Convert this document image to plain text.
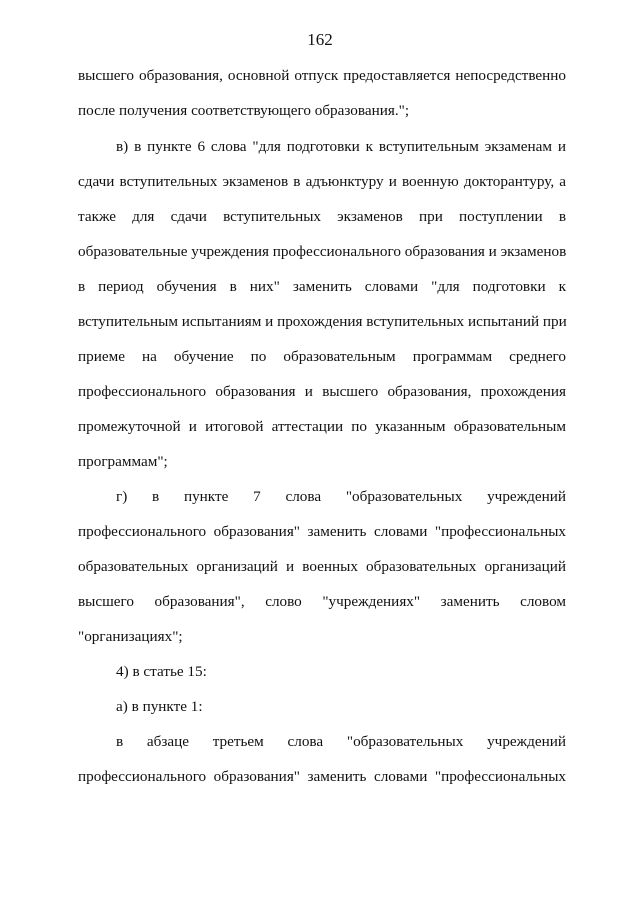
162
высшего образования, основной отпуск предоставляется непосредственно
после получения соответствующего образования.";
в) в пункте 6 слова "для подготовки к вступительным экзаменам и
сдачи вступительных экзаменов в адъюнктуру и военную докторантуру, а
также для сдачи вступительных экзаменов при поступлении в
образовательные учреждения профессионального образования и экзаменов
в период обучения в них" заменить словами "для подготовки к
вступительным испытаниям и прохождения вступительных испытаний при
приеме на обучение по образовательным программам среднего
профессионального образования и высшего образования, прохождения
промежуточной и итоговой аттестации по указанным образовательным
программам";
г) в пункте 7 слова "образовательных учреждений
профессионального образования" заменить словами "профессиональных
образовательных организаций и военных образовательных организаций
высшего образования", слово "учреждениях" заменить словом
"организациях";
4) в статье 15:
а) в пункте 1:
в абзаце третьем слова "образовательных учреждений
профессионального образования" заменить словами "профессиональных
